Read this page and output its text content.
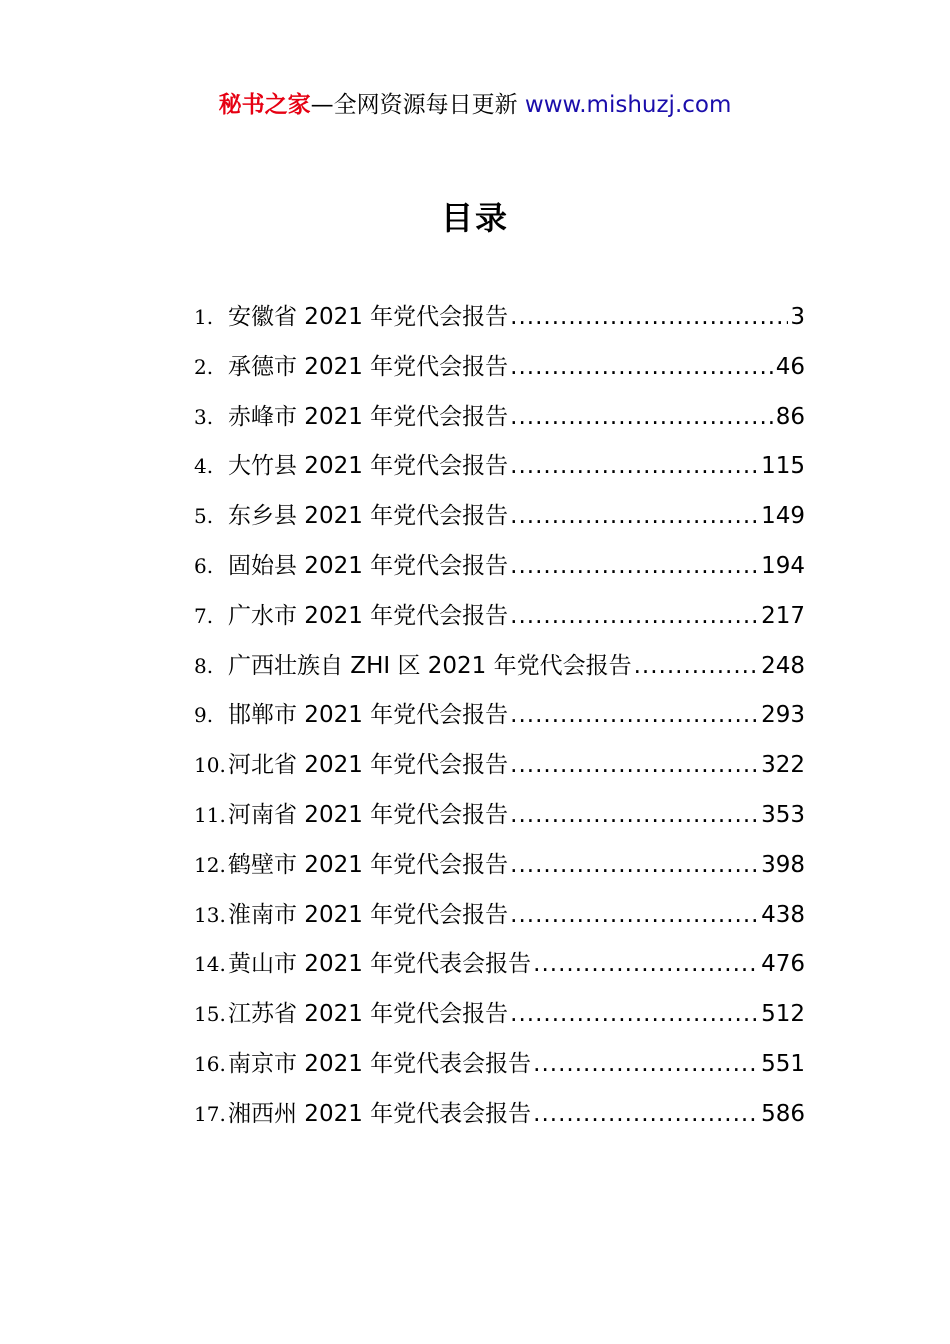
秘书之家—全网资源每日更新 www.mishuzj.com
目录
1. 安徽省 2021 年党代会报告 .....	3
2. 承德市 2021 年党代会报告 .....	46
3. 赤峰市 2021 年党代会报告 .....	86
4. 大竹县 2021 年党代会报告 .....	115
5. 东乡县 2021 年党代会报告 .....	149
6. 固始县 2021 年党代会报告 .....	194
7. 广水市 2021 年党代会报告 .....	217
8. 广西壮族自 ZHI 区 2021 年党代会报告 .....	248
9. 邯郸市 2021 年党代会报告 .....	293
10. 河北省 2021 年党代会报告 .....	322
11. 河南省 2021 年党代会报告 .....	353
12. 鹤壁市 2021 年党代会报告 .....	398
13. 淮南市 2021 年党代会报告 .....	438
14. 黄山市 2021 年党代表会报告 .....	476
15. 江苏省 2021 年党代会报告 .....	512
16. 南京市 2021 年党代表会报告 .....	551
17. 湘西州 2021 年党代表会报告 .....	586
